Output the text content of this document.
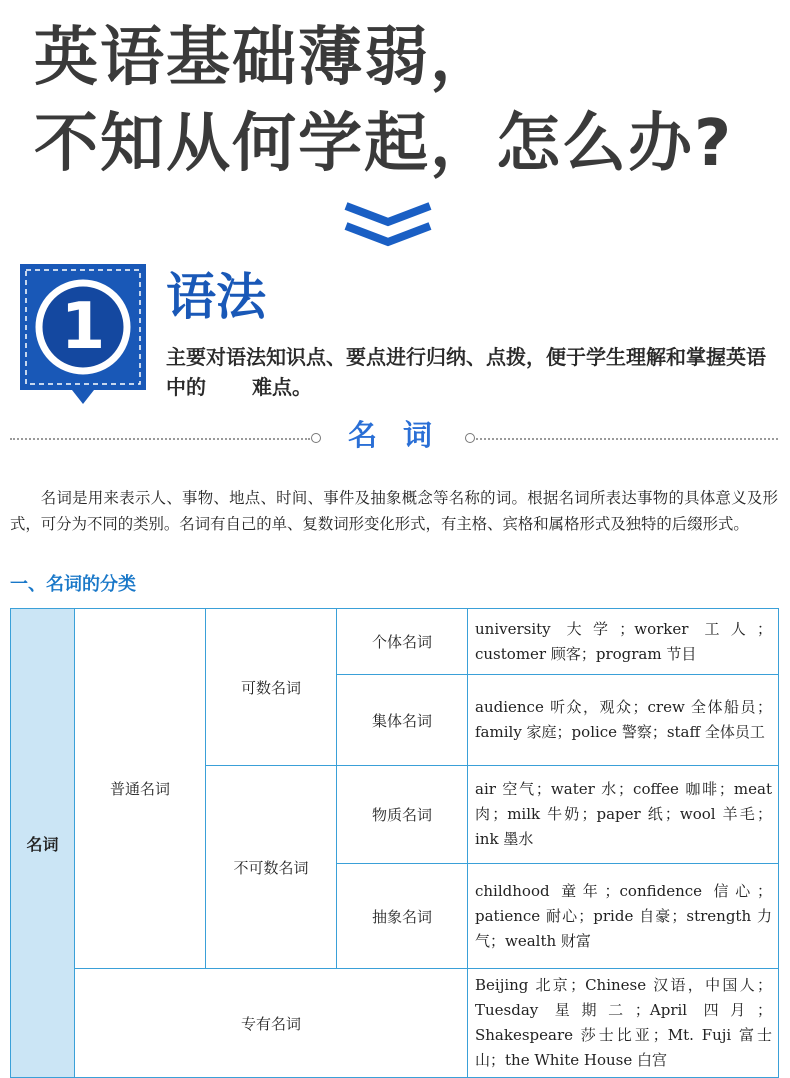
英语基础薄弱，
不知从何学起，怎么办?
1	语法
主要对语法知识点、要点进行归纳、点拨，便于学生理解和掌握英语中的 难点。
名词
名词是用来表示人、事物、地点、时间、事件及抽象概念等名称的词。根据名词所表达事物的具体意义及形式，可分为不同的类别。名词有自己的单、复数词形变化形式，有主格、宾格和属格形式及独特的后缀形式。
一、名词的分类
名词	普通名词	可数名词	个体名词	university 大学；worker 工人；customer 顾客；program 节目
			集体名词	audience 听众，观众；crew 全体船员；family 家庭；police 警察；staff 全体员工
		不可数名词	物质名词	air 空气；water 水；coffee 咖啡；meat 肉；milk 牛奶；paper 纸；wool 羊毛；ink 墨水
			抽象名词	childhood 童年；confidence 信心；patience 耐心；pride 自豪；strength 力气；wealth 财富
	专有名词			Beijing 北京；Chinese 汉语，中国人；Tuesday 星期二；April 四月；Shakespeare 莎士比亚；Mt. Fuji 富士山；the White House 白宫
